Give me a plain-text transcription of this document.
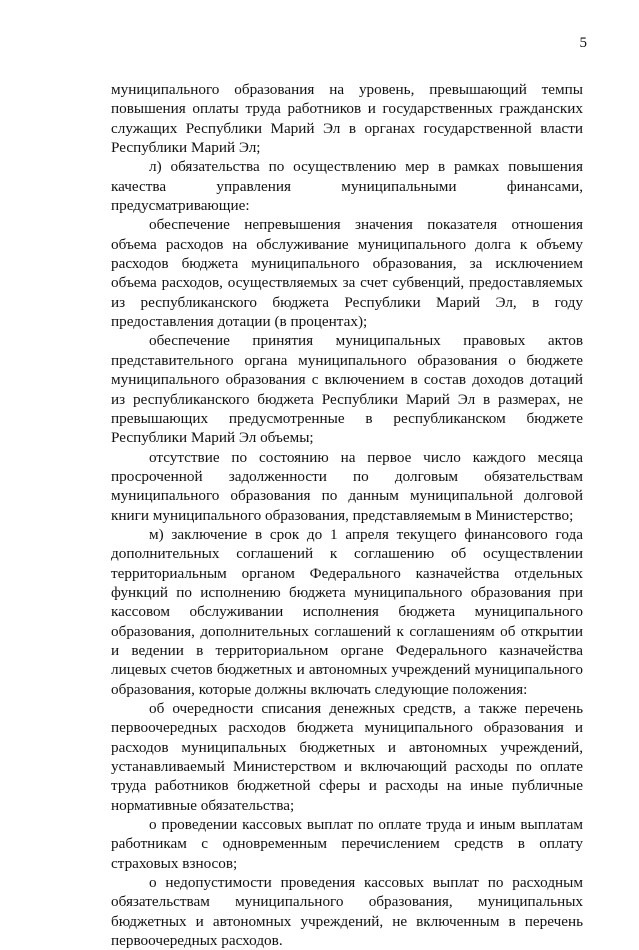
5

муниципального образования на уровень, превышающий темпы повышения оплаты труда работников и государственных гражданских служащих Республики Марий Эл в органах государственной власти Республики Марий Эл;

л) обязательства по осуществлению мер в рамках повышения качества управления муниципальными финансами, предусматривающие:

обеспечение непревышения значения показателя отношения объема расходов на обслуживание муниципального долга к объему расходов бюджета муниципального образования, за исключением объема расходов, осуществляемых за счет субвенций, предоставляемых из республиканского бюджета Республики Марий Эл, в году предоставления дотации (в процентах);

обеспечение принятия муниципальных правовых актов представительного органа муниципального образования о бюджете муниципального образования с включением в состав доходов дотаций из республиканского бюджета Республики Марий Эл в размерах, не превышающих предусмотренные в республиканском бюджете Республики Марий Эл объемы;

отсутствие по состоянию на первое число каждого месяца просроченной задолженности по долговым обязательствам муниципального образования по данным муниципальной долговой книги муниципального образования, представляемым в Министерство;

м) заключение в срок до 1 апреля текущего финансового года дополнительных соглашений к соглашению об осуществлении территориальным органом Федерального казначейства отдельных функций по исполнению бюджета муниципального образования при кассовом обслуживании исполнения бюджета муниципального образования, дополнительных соглашений к соглашениям об открытии и ведении в территориальном органе Федерального казначейства лицевых счетов бюджетных и автономных учреждений муниципального образования, которые должны включать следующие положения:

об очередности списания денежных средств, а также перечень первоочередных расходов бюджета муниципального образования и расходов муниципальных бюджетных и автономных учреждений, устанавливаемый Министерством и включающий расходы по оплате труда работников бюджетной сферы и расходы на иные публичные нормативные обязательства;

о проведении кассовых выплат по оплате труда и иным выплатам работникам с одновременным перечислением средств в оплату страховых взносов;

о недопустимости проведения кассовых выплат по расходным обязательствам муниципального образования, муниципальных бюджетных и автономных учреждений, не включенным в перечень первоочередных расходов.
